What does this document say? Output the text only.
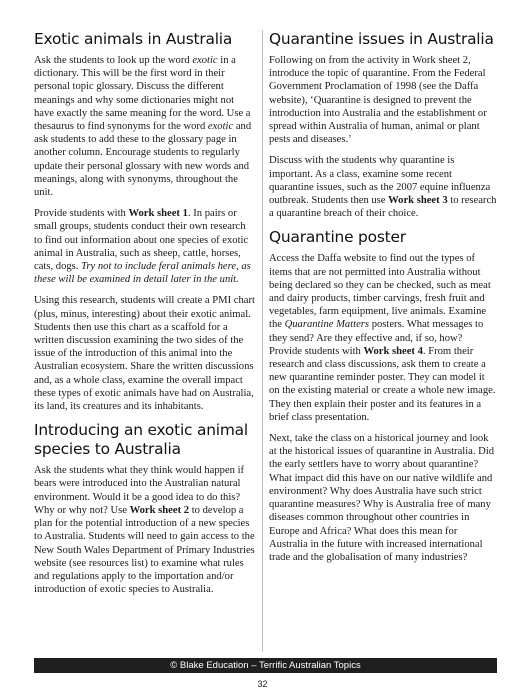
Exotic animals in Australia

Ask the students to look up the word exotic in a dictionary. This will be the first word in their personal topic glossary. Discuss the different meanings and why some dictionaries might not have exactly the same meaning for the word. Use a thesaurus to find synonyms for the word exotic and ask students to add these to the glossary page in another column. Encourage students to regularly update their personal glossary with new words and meanings, along with synonyms, throughout the unit.

Provide students with Work sheet 1. In pairs or small groups, students conduct their own research to find out information about one species of exotic animal in Australia, such as sheep, cattle, horses, cats, dogs. Try not to include feral animals here, as these will be examined in detail later in the unit.

Using this research, students will create a PMI chart (plus, minus, interesting) about their exotic animal. Students then use this chart as a scaffold for a written discussion examining the two sides of the issue of the introduction of this animal into the Australian ecosystem. Share the written discussions and, as a whole class, examine the overall impact these types of exotic animals have had on Australia, its land, its creatures and its inhabitants.

Introducing an exotic animal species to Australia

Ask the students what they think would happen if bears were introduced into the Australian natural environment. Would it be a good idea to do this? Why or why not? Use Work sheet 2 to develop a plan for the potential introduction of a new species to Australia. Students will need to gain access to the New South Wales Department of Primary Industries website (see resources list) to examine what rules and regulations apply to the importation and/or introduction of exotic species to Australia.

Quarantine issues in Australia

Following on from the activity in Work sheet 2, introduce the topic of quarantine. From the Federal Government Proclamation of 1998 (see the Daffa website), ‘Quarantine is designed to prevent the introduction into Australia and the establishment or spread within Australia of human, animal or plant pests and diseases.’

Discuss with the students why quarantine is important. As a class, examine some recent quarantine issues, such as the 2007 equine influenza outbreak. Students then use Work sheet 3 to research a quarantine breach of their choice.

Quarantine poster

Access the Daffa website to find out the types of items that are not permitted into Australia without being declared so they can be checked, such as meat and dairy products, timber carvings, fresh fruit and vegetables, farm equipment, live animals. Examine the Quarantine Matters posters. What messages to they send? Are they effective and, if so, how? Provide students with Work sheet 4. From their research and class discussions, ask them to create a new quarantine reminder poster. They can model it on the existing material or create a whole new image. They then explain their poster and its features in a brief class presentation.

Next, take the class on a historical journey and look at the historical issues of quarantine in Australia. Did the early settlers have to worry about quarantine? What impact did this have on our native wildlife and environment? Why does Australia have such strict quarantine measures? Why is Australia free of many diseases common throughout other countries in Europe and Africa? What does this mean for Australia in the future with increased international trade and the globalisation of many industries?

© Blake Education – Terrific Australian Topics
32
